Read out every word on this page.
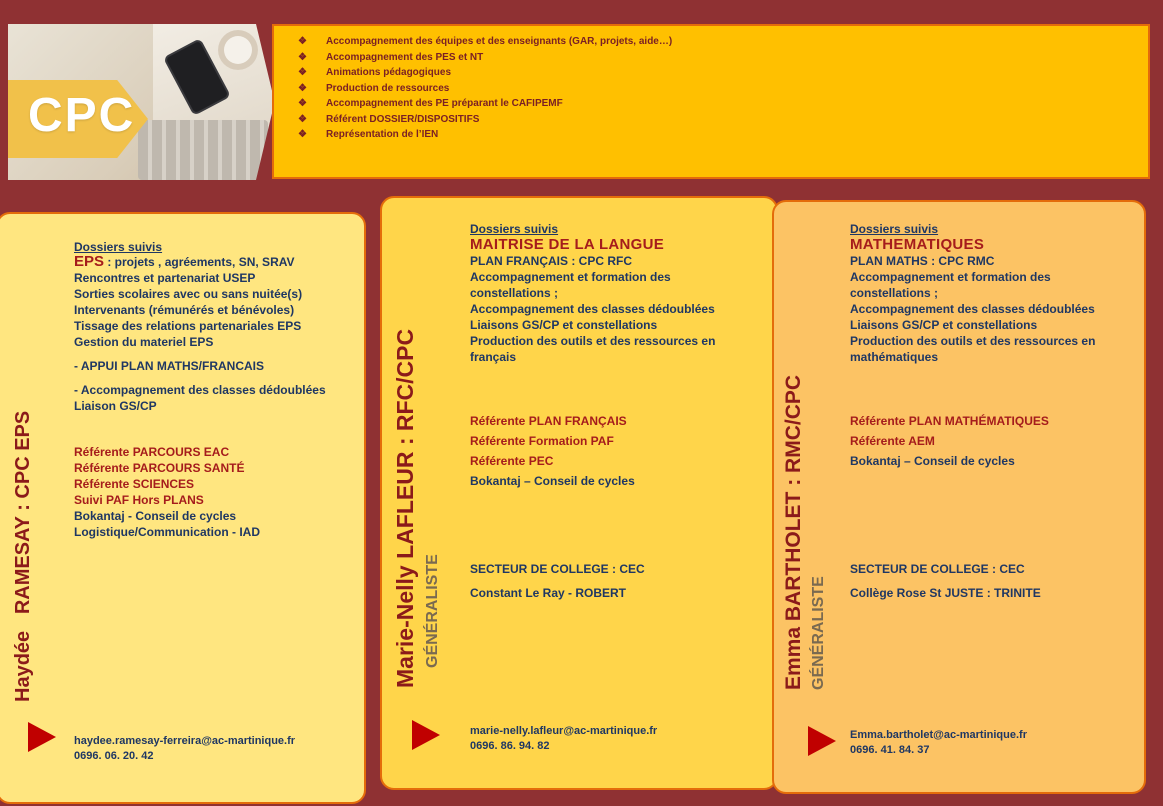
CPC
❖ Accompagnement des équipes et des enseignants (GAR, projets, aide…)
❖ Accompagnement des PES et NT
❖ Animations pédagogiques
❖ Production de ressources
❖ Accompagnement des PE préparant le CAFIPEMF
❖ Référent DOSSIER/DISPOSITIFS
❖ Représentation de l’IEN
Haydée   RAMESAY : CPC EPS
Dossiers suivis
EPS : projets , agréements, SN, SRAV
Rencontres et partenariat USEP
Sorties scolaires avec ou sans nuitée(s)
Intervenants (rémunérés et bénévoles)
Tissage des relations partenariales EPS
Gestion du materiel EPS
- APPUI PLAN MATHS/FRANCAIS
- Accompagnement des classes dédoublées
Liaison GS/CP
Référente PARCOURS EAC
Référente PARCOURS SANTÉ
Référente SCIENCES
Suivi PAF Hors PLANS
Bokantaj - Conseil de cycles
Logistique/Communication - IAD
haydee.ramesay-ferreira@ac-martinique.fr
0696. 06. 20. 42
Marie-Nelly LAFLEUR : RFC/CPC
GÉNÉRALISTE
Dossiers suivis
MAITRISE DE LA LANGUE
PLAN FRANÇAIS : CPC RFC
Accompagnement et formation des
constellations ;
Accompagnement des classes dédoublées
Liaisons GS/CP et constellations
Production des outils et des ressources en
français
Référente PLAN FRANÇAIS
Référente Formation PAF
Référente PEC
Bokantaj – Conseil de cycles
SECTEUR DE COLLEGE : CEC
Constant Le Ray - ROBERT
marie-nelly.lafleur@ac-martinique.fr
0696. 86. 94. 82
Emma BARTHOLET : RMC/CPC
GÉNÉRALISTE
Dossiers suivis
MATHEMATIQUES
PLAN MATHS : CPC RMC
Accompagnement et formation des
constellations ;
Accompagnement des classes dédoublées
Liaisons GS/CP et constellations
Production des outils et des ressources en
mathématiques
Référente PLAN MATHÉMATIQUES
Référente AEM
Bokantaj – Conseil de cycles
SECTEUR DE COLLEGE : CEC
Collège Rose St JUSTE : TRINITE
Emma.bartholet@ac-martinique.fr
0696. 41. 84. 37
